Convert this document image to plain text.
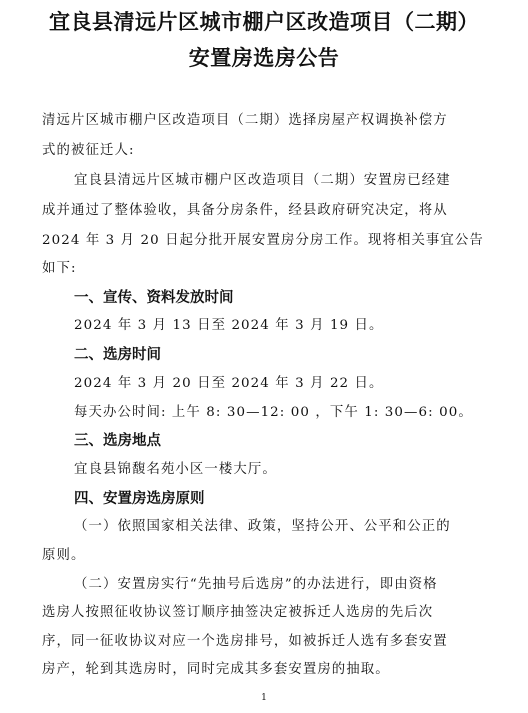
宜良县清远片区城市棚户区改造项目（二期）
安置房选房公告
清远片区城市棚户区改造项目（二期）选择房屋产权调换补偿方
式的被征迁人:
宜良县清远片区城市棚户区改造项目（二期）安置房已经建
成并通过了整体验收，具备分房条件，经县政府研究决定，将从
2024 年 3 月 20 日起分批开展安置房分房工作。现将相关事宜公告
如下:
一、宣传、资料发放时间
2024 年 3 月 13 日至 2024 年 3 月 19 日。
二、选房时间
2024 年 3 月 20 日至 2024 年 3 月 22 日。
每天办公时间: 上午 8: 30—12: 00 ，下午 1: 30—6: 00。
三、选房地点
宜良县锦馥名苑小区一楼大厅。
四、安置房选房原则
（一）依照国家相关法律、政策，坚持公开、公平和公正的
原则。
（二）安置房实行“先抽号后选房”的办法进行，即由资格
选房人按照征收协议签订顺序抽签决定被拆迁人选房的先后次
序，同一征收协议对应一个选房排号，如被拆迁人选有多套安置
房产，轮到其选房时，同时完成其多套安置房的抽取。
1
